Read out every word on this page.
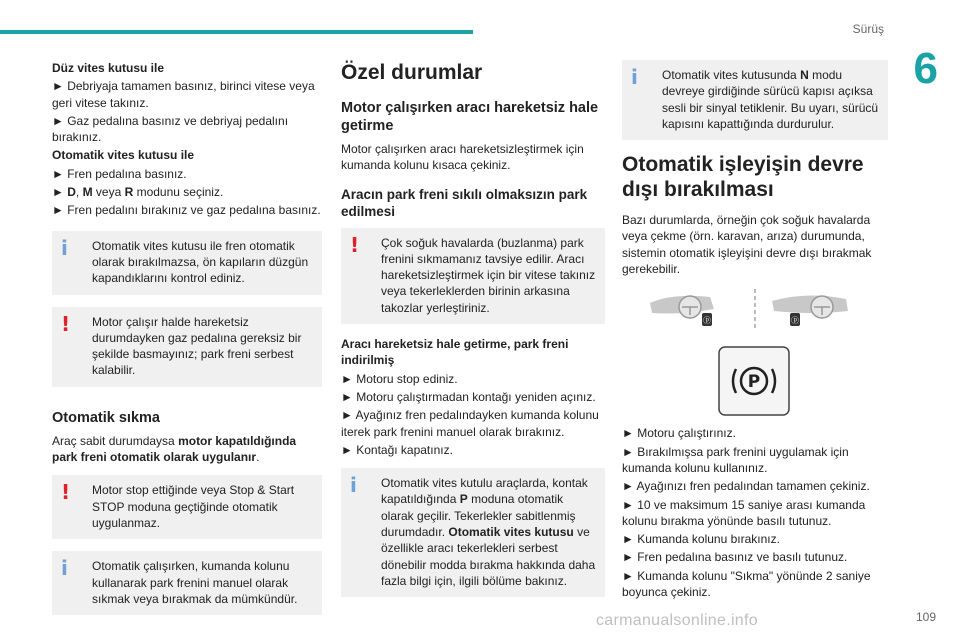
Sürüş
6

Düz vites kutusu ile

► Debriyaja tamamen basınız, birinci vitese veya geri vitese takınız.

► Gaz pedalına basınız ve debriyaj pedalını bırakınız.

Otomatik vites kutusu ile

► Fren pedalına basınız.

► D, M veya R modunu seçiniz.

► Fren pedalını bırakınız ve gaz pedalına basınız.

i	Otomatik vites kutusu ile fren otomatik olarak bırakılmazsa, ön kapıların düzgün kapandıklarını kontrol ediniz.
!	Motor çalışır halde hareketsiz durumdayken gaz pedalına gereksiz bir şekilde basmayınız; park freni serbest kalabilir.
Otomatik sıkma

Araç sabit durumdaysa motor kapatıldığında park freni otomatik olarak uygulanır.

!	Motor stop ettiğinde veya Stop & Start STOP moduna geçtiğinde otomatik uygulanmaz.
i	Otomatik çalışırken, kumanda kolunu kullanarak park frenini manuel olarak sıkmak veya bırakmak da mümkündür.
Özel durumlar
Motor çalışırken aracı hareketsiz hale getirme

Motor çalışırken aracı hareketsizleştirmek için kumanda kolunu kısaca çekiniz.

Aracın park freni sıkılı olmaksızın park edilmesi
!	Çok soğuk havalarda (buzlanma) park frenini sıkmamanız tavsiye edilir. Aracı hareketsizleştirmek için bir vitese takınız veya tekerleklerden birinin arkasına takozlar yerleştiriniz.

Aracı hareketsiz hale getirme, park freni indirilmiş

► Motoru stop ediniz.

► Motoru çalıştırmadan kontağı yeniden açınız.

► Ayağınız fren pedalındayken kumanda kolunu iterek park frenini manuel olarak bırakınız.

► Kontağı kapatınız.

i	Otomatik vites kutulu araçlarda, kontak kapatıldığında P moduna otomatik olarak geçilir. Tekerlekler sabitlenmiş durumdadır. Otomatik vites kutusu ve özellikle aracı tekerlekleri serbest dönebilir modda bırakma hakkında daha fazla bilgi için, ilgili bölüme bakınız.
i	Otomatik vites kutusunda N modu devreye girdiğinde sürücü kapısı açıksa sesli bir sinyal tetiklenir. Bu uyarı, sürücü kapısını kapattığında durdurulur.
Otomatik işleyişin devre dışı bırakılması

Bazı durumlarda, örneğin çok soğuk havalarda veya çekme (örn. karavan, arıza) durumunda, sistemin otomatik işleyişini devre dışı bırakmak gerekebilir.

ⓟ	ⓟ
P

► Motoru çalıştırınız.

► Bırakılmışsa park frenini uygulamak için kumanda kolunu kullanınız.

► Ayağınızı fren pedalından tamamen çekiniz.

► 10 ve maksimum 15 saniye arası kumanda kolunu bırakma yönünde basılı tutunuz.

► Kumanda kolunu bırakınız.

► Fren pedalına basınız ve basılı tutunuz.

► Kumanda kolunu "Sıkma" yönünde 2 saniye boyunca çekiniz.

carmanualsonline.info	109
